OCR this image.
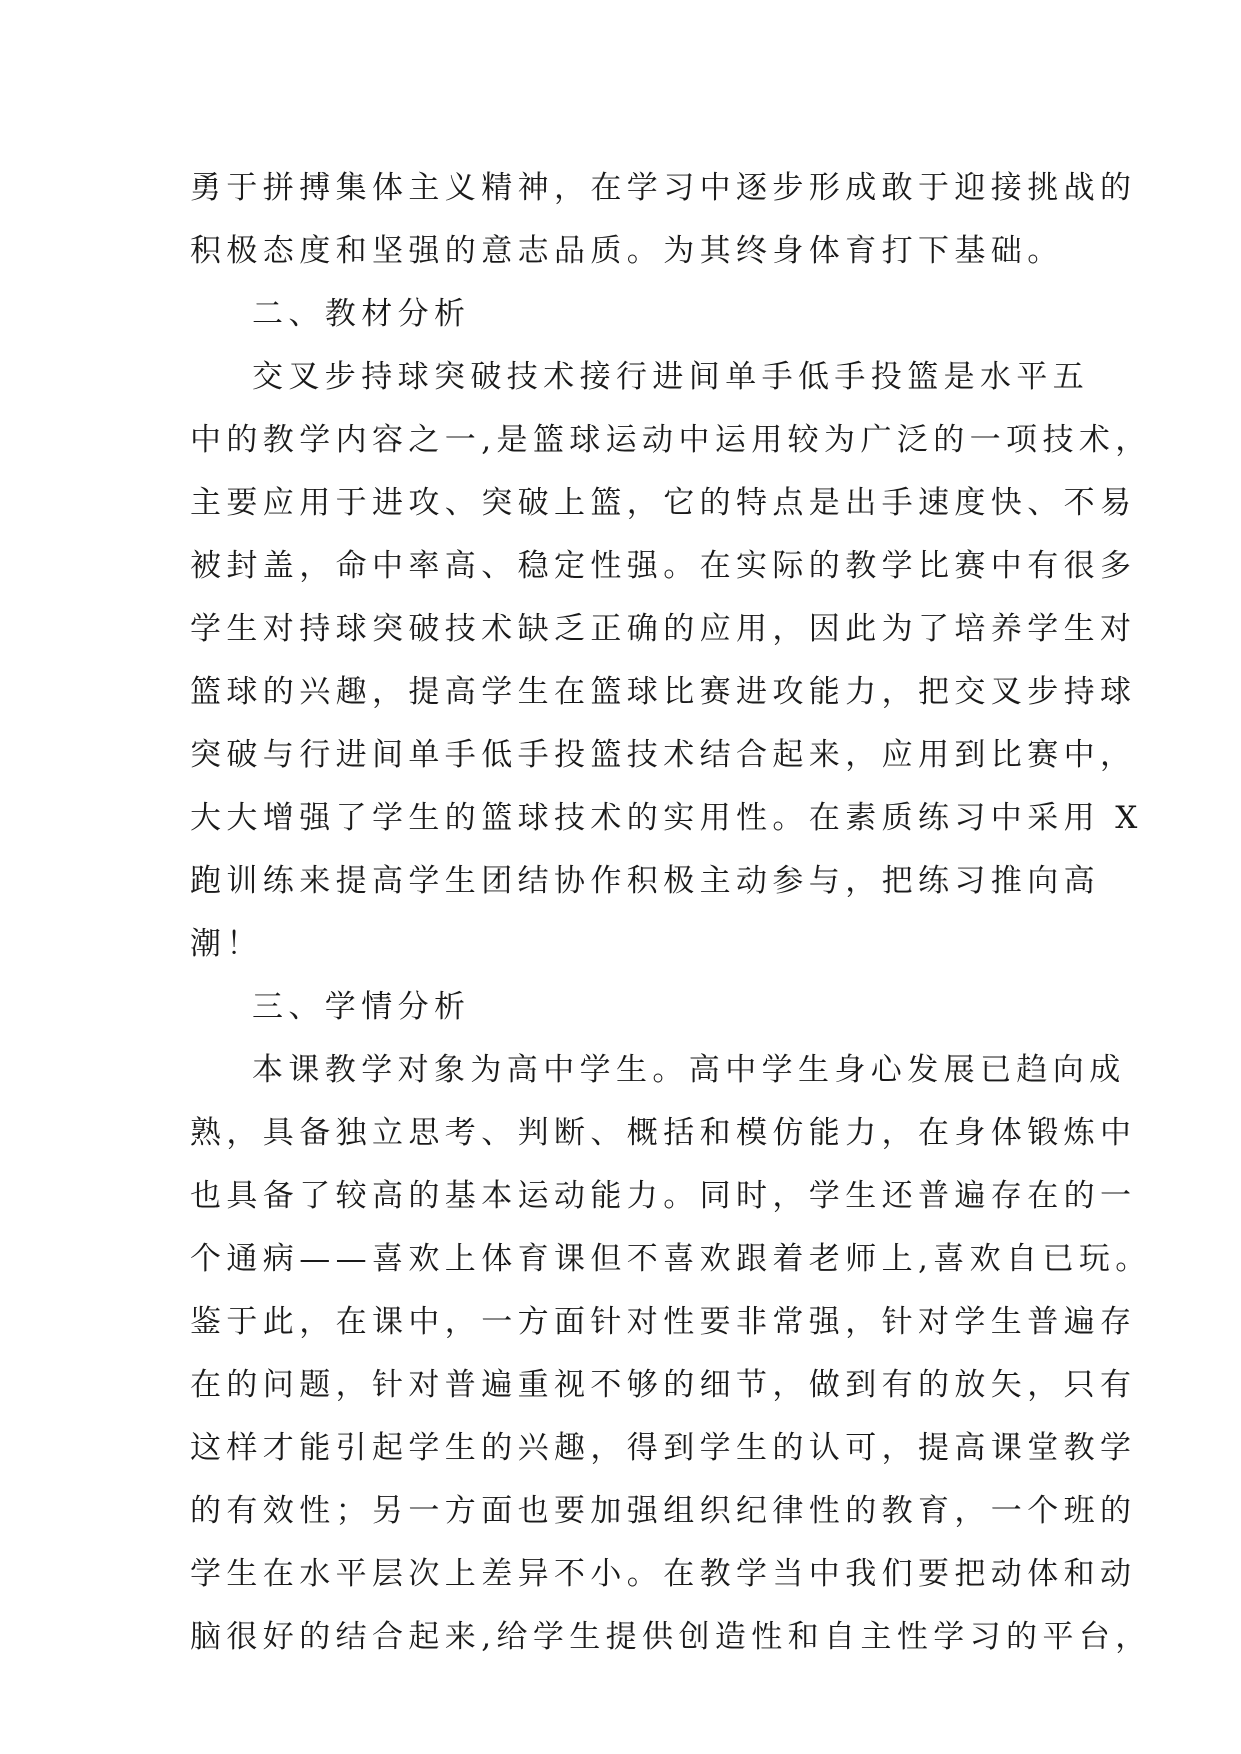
勇于拼搏集体主义精神，在学习中逐步形成敢于迎接挑战的
积极态度和坚强的意志品质。为其终身体育打下基础。
二、教材分析
交叉步持球突破技术接行进间单手低手投篮是水平五
中的教学内容之一,是篮球运动中运用较为广泛的一项技术，
主要应用于进攻、突破上篮，它的特点是出手速度快、不易
被封盖，命中率高、稳定性强。在实际的教学比赛中有很多
学生对持球突破技术缺乏正确的应用，因此为了培养学生对
篮球的兴趣，提高学生在篮球比赛进攻能力，把交叉步持球
突破与行进间单手低手投篮技术结合起来，应用到比赛中，
大大增强了学生的篮球技术的实用性。在素质练习中采用 X
跑训练来提高学生团结协作积极主动参与，把练习推向高
潮！
三、学情分析
本课教学对象为高中学生。高中学生身心发展已趋向成
熟，具备独立思考、判断、概括和模仿能力，在身体锻炼中
也具备了较高的基本运动能力。同时，学生还普遍存在的一
个通病——喜欢上体育课但不喜欢跟着老师上,喜欢自已玩。
鉴于此，在课中，一方面针对性要非常强，针对学生普遍存
在的问题，针对普遍重视不够的细节，做到有的放矢，只有
这样才能引起学生的兴趣，得到学生的认可，提高课堂教学
的有效性；另一方面也要加强组织纪律性的教育，一个班的
学生在水平层次上差异不小。在教学当中我们要把动体和动
脑很好的结合起来,给学生提供创造性和自主性学习的平台，
